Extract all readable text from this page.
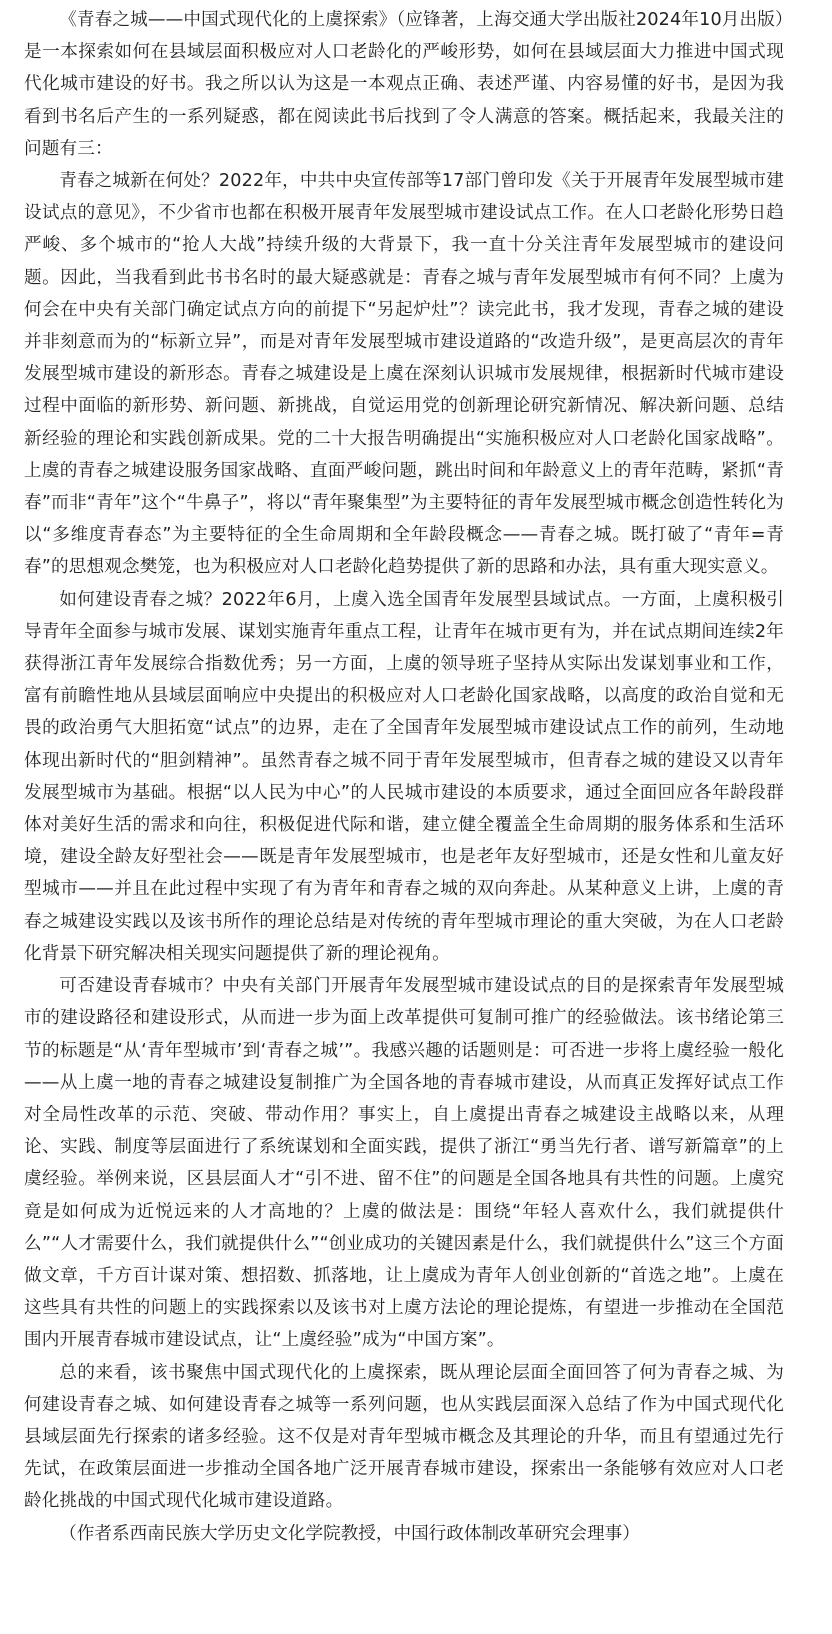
《青春之城——中国式现代化的上虞探索》（应锋著，上海交通大学出版社2024年10月出版）是一本探索如何在县域层面积极应对人口老龄化的严峻形势，如何在县域层面大力推进中国式现代化城市建设的好书。我之所以认为这是一本观点正确、表述严谨、内容易懂的好书，是因为我看到书名后产生的一系列疑惑，都在阅读此书后找到了令人满意的答案。概括起来，我最关注的问题有三：

青春之城新在何处？2022年，中共中央宣传部等17部门曾印发《关于开展青年发展型城市建设试点的意见》，不少省市也都在积极开展青年发展型城市建设试点工作。在人口老龄化形势日趋严峻、多个城市的“抢人大战”持续升级的大背景下，我一直十分关注青年发展型城市的建设问题。因此，当我看到此书书名时的最大疑惑就是：青春之城与青年发展型城市有何不同？上虞为何会在中央有关部门确定试点方向的前提下“另起炉灶”？读完此书，我才发现，青春之城的建设并非刻意而为的“标新立异”，而是对青年发展型城市建设道路的“改造升级”，是更高层次的青年发展型城市建设的新形态。青春之城建设是上虞在深刻认识城市发展规律，根据新时代城市建设过程中面临的新形势、新问题、新挑战，自觉运用党的创新理论研究新情况、解决新问题、总结新经验的理论和实践创新成果。党的二十大报告明确提出“实施积极应对人口老龄化国家战略”。上虞的青春之城建设服务国家战略、直面严峻问题，跳出时间和年龄意义上的青年范畴，紧抓“青春”而非“青年”这个“牛鼻子”，将以“青年聚集型”为主要特征的青年发展型城市概念创造性转化为以“多维度青春态”为主要特征的全生命周期和全年龄段概念——青春之城。既打破了“青年=青春”的思想观念樊笼，也为积极应对人口老龄化趋势提供了新的思路和办法，具有重大现实意义。

如何建设青春之城？2022年6月，上虞入选全国青年发展型县域试点。一方面，上虞积极引导青年全面参与城市发展、谋划实施青年重点工程，让青年在城市更有为，并在试点期间连续2年获得浙江青年发展综合指数优秀；另一方面，上虞的领导班子坚持从实际出发谋划事业和工作，富有前瞻性地从县域层面响应中央提出的积极应对人口老龄化国家战略，以高度的政治自觉和无畏的政治勇气大胆拓宽“试点”的边界，走在了全国青年发展型城市建设试点工作的前列，生动地体现出新时代的“胆剑精神”。虽然青春之城不同于青年发展型城市，但青春之城的建设又以青年发展型城市为基础。根据“以人民为中心”的人民城市建设的本质要求，通过全面回应各年龄段群体对美好生活的需求和向往，积极促进代际和谐，建立健全覆盖全生命周期的服务体系和生活环境，建设全龄友好型社会——既是青年发展型城市，也是老年友好型城市，还是女性和儿童友好型城市——并且在此过程中实现了有为青年和青春之城的双向奔赴。从某种意义上讲，上虞的青春之城建设实践以及该书所作的理论总结是对传统的青年型城市理论的重大突破，为在人口老龄化背景下研究解决相关现实问题提供了新的理论视角。

可否建设青春城市？中央有关部门开展青年发展型城市建设试点的目的是探索青年发展型城市的建设路径和建设形式，从而进一步为面上改革提供可复制可推广的经验做法。该书绪论第三节的标题是“从‘青年型城市’到‘青春之城’”。我感兴趣的话题则是：可否进一步将上虞经验一般化——从上虞一地的青春之城建设复制推广为全国各地的青春城市建设，从而真正发挥好试点工作对全局性改革的示范、突破、带动作用？事实上，自上虞提出青春之城建设主战略以来，从理论、实践、制度等层面进行了系统谋划和全面实践，提供了浙江“勇当先行者、谱写新篇章”的上虞经验。举例来说，区县层面人才“引不进、留不住”的问题是全国各地具有共性的问题。上虞究竟是如何成为近悦远来的人才高地的？上虞的做法是：围绕“年轻人喜欢什么，我们就提供什么”“人才需要什么，我们就提供什么”“创业成功的关键因素是什么，我们就提供什么”这三个方面做文章，千方百计谋对策、想招数、抓落地，让上虞成为青年人创业创新的“首选之地”。上虞在这些具有共性的问题上的实践探索以及该书对上虞方法论的理论提炼，有望进一步推动在全国范围内开展青春城市建设试点，让“上虞经验”成为“中国方案”。

总的来看，该书聚焦中国式现代化的上虞探索，既从理论层面全面回答了何为青春之城、为何建设青春之城、如何建设青春之城等一系列问题，也从实践层面深入总结了作为中国式现代化县域层面先行探索的诸多经验。这不仅是对青年型城市概念及其理论的升华，而且有望通过先行先试，在政策层面进一步推动全国各地广泛开展青春城市建设，探索出一条能够有效应对人口老龄化挑战的中国式现代化城市建设道路。

（作者系西南民族大学历史文化学院教授，中国行政体制改革研究会理事）
